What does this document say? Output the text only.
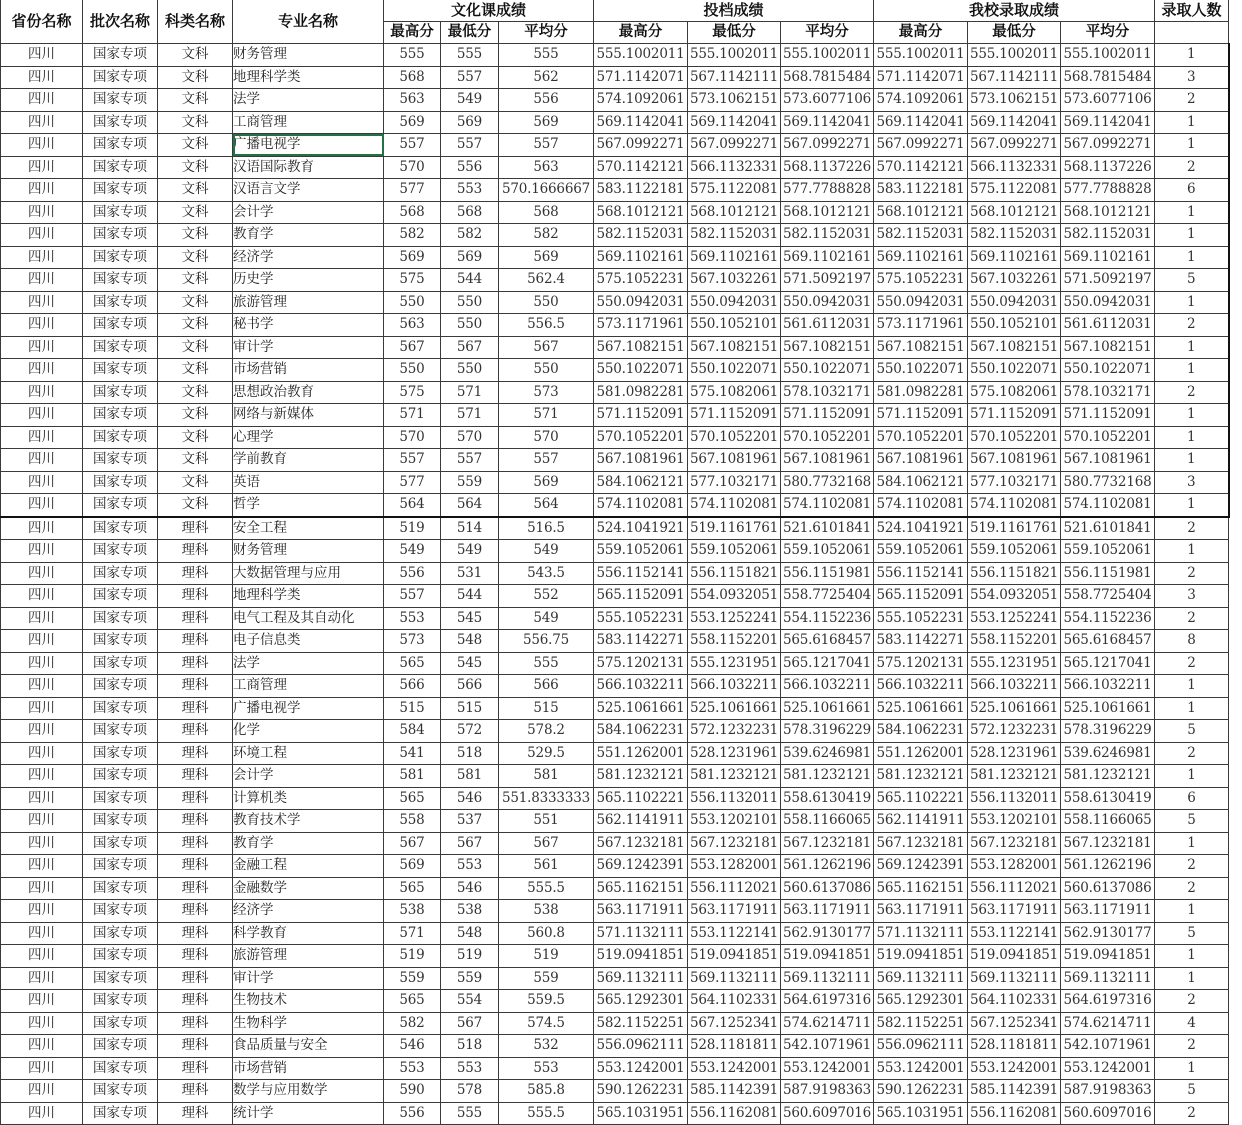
省份名称	批次名称	科类名称	专业名称	文化课成绩			投档成绩			我校录取成绩			录取人数
				最高分	最低分	平均分	最高分	最低分	平均分	最高分	最低分	平均分	
四川	国家专项	文科	财务管理	555	555	555	555.1002011	555.1002011	555.1002011	555.1002011	555.1002011	555.1002011	1
四川	国家专项	文科	地理科学类	568	557	562	571.1142071	567.1142111	568.7815484	571.1142071	567.1142111	568.7815484	3
四川	国家专项	文科	法学	563	549	556	574.1092061	573.1062151	573.6077106	574.1092061	573.1062151	573.6077106	2
四川	国家专项	文科	工商管理	569	569	569	569.1142041	569.1142041	569.1142041	569.1142041	569.1142041	569.1142041	1
四川	国家专项	文科	广播电视学	557	557	557	567.0992271	567.0992271	567.0992271	567.0992271	567.0992271	567.0992271	1
四川	国家专项	文科	汉语国际教育	570	556	563	570.1142121	566.1132331	568.1137226	570.1142121	566.1132331	568.1137226	2
四川	国家专项	文科	汉语言文学	577	553	570.1666667	583.1122181	575.1122081	577.7788828	583.1122181	575.1122081	577.7788828	6
四川	国家专项	文科	会计学	568	568	568	568.1012121	568.1012121	568.1012121	568.1012121	568.1012121	568.1012121	1
四川	国家专项	文科	教育学	582	582	582	582.1152031	582.1152031	582.1152031	582.1152031	582.1152031	582.1152031	1
四川	国家专项	文科	经济学	569	569	569	569.1102161	569.1102161	569.1102161	569.1102161	569.1102161	569.1102161	1
四川	国家专项	文科	历史学	575	544	562.4	575.1052231	567.1032261	571.5092197	575.1052231	567.1032261	571.5092197	5
四川	国家专项	文科	旅游管理	550	550	550	550.0942031	550.0942031	550.0942031	550.0942031	550.0942031	550.0942031	1
四川	国家专项	文科	秘书学	563	550	556.5	573.1171961	550.1052101	561.6112031	573.1171961	550.1052101	561.6112031	2
四川	国家专项	文科	审计学	567	567	567	567.1082151	567.1082151	567.1082151	567.1082151	567.1082151	567.1082151	1
四川	国家专项	文科	市场营销	550	550	550	550.1022071	550.1022071	550.1022071	550.1022071	550.1022071	550.1022071	1
四川	国家专项	文科	思想政治教育	575	571	573	581.0982281	575.1082061	578.1032171	581.0982281	575.1082061	578.1032171	2
四川	国家专项	文科	网络与新媒体	571	571	571	571.1152091	571.1152091	571.1152091	571.1152091	571.1152091	571.1152091	1
四川	国家专项	文科	心理学	570	570	570	570.1052201	570.1052201	570.1052201	570.1052201	570.1052201	570.1052201	1
四川	国家专项	文科	学前教育	557	557	557	567.1081961	567.1081961	567.1081961	567.1081961	567.1081961	567.1081961	1
四川	国家专项	文科	英语	577	559	569	584.1062121	577.1032171	580.7732168	584.1062121	577.1032171	580.7732168	3
四川	国家专项	文科	哲学	564	564	564	574.1102081	574.1102081	574.1102081	574.1102081	574.1102081	574.1102081	1
四川	国家专项	理科	安全工程	519	514	516.5	524.1041921	519.1161761	521.6101841	524.1041921	519.1161761	521.6101841	2
四川	国家专项	理科	财务管理	549	549	549	559.1052061	559.1052061	559.1052061	559.1052061	559.1052061	559.1052061	1
四川	国家专项	理科	大数据管理与应用	556	531	543.5	556.1152141	556.1151821	556.1151981	556.1152141	556.1151821	556.1151981	2
四川	国家专项	理科	地理科学类	557	544	552	565.1152091	554.0932051	558.7725404	565.1152091	554.0932051	558.7725404	3
四川	国家专项	理科	电气工程及其自动化	553	545	549	555.1052231	553.1252241	554.1152236	555.1052231	553.1252241	554.1152236	2
四川	国家专项	理科	电子信息类	573	548	556.75	583.1142271	558.1152201	565.6168457	583.1142271	558.1152201	565.6168457	8
四川	国家专项	理科	法学	565	545	555	575.1202131	555.1231951	565.1217041	575.1202131	555.1231951	565.1217041	2
四川	国家专项	理科	工商管理	566	566	566	566.1032211	566.1032211	566.1032211	566.1032211	566.1032211	566.1032211	1
四川	国家专项	理科	广播电视学	515	515	515	525.1061661	525.1061661	525.1061661	525.1061661	525.1061661	525.1061661	1
四川	国家专项	理科	化学	584	572	578.2	584.1062231	572.1232231	578.3196229	584.1062231	572.1232231	578.3196229	5
四川	国家专项	理科	环境工程	541	518	529.5	551.1262001	528.1231961	539.6246981	551.1262001	528.1231961	539.6246981	2
四川	国家专项	理科	会计学	581	581	581	581.1232121	581.1232121	581.1232121	581.1232121	581.1232121	581.1232121	1
四川	国家专项	理科	计算机类	565	546	551.8333333	565.1102221	556.1132011	558.6130419	565.1102221	556.1132011	558.6130419	6
四川	国家专项	理科	教育技术学	558	537	551	562.1141911	553.1202101	558.1166065	562.1141911	553.1202101	558.1166065	5
四川	国家专项	理科	教育学	567	567	567	567.1232181	567.1232181	567.1232181	567.1232181	567.1232181	567.1232181	1
四川	国家专项	理科	金融工程	569	553	561	569.1242391	553.1282001	561.1262196	569.1242391	553.1282001	561.1262196	2
四川	国家专项	理科	金融数学	565	546	555.5	565.1162151	556.1112021	560.6137086	565.1162151	556.1112021	560.6137086	2
四川	国家专项	理科	经济学	538	538	538	563.1171911	563.1171911	563.1171911	563.1171911	563.1171911	563.1171911	1
四川	国家专项	理科	科学教育	571	548	560.8	571.1132111	553.1122141	562.9130177	571.1132111	553.1122141	562.9130177	5
四川	国家专项	理科	旅游管理	519	519	519	519.0941851	519.0941851	519.0941851	519.0941851	519.0941851	519.0941851	1
四川	国家专项	理科	审计学	559	559	559	569.1132111	569.1132111	569.1132111	569.1132111	569.1132111	569.1132111	1
四川	国家专项	理科	生物技术	565	554	559.5	565.1292301	564.1102331	564.6197316	565.1292301	564.1102331	564.6197316	2
四川	国家专项	理科	生物科学	582	567	574.5	582.1152251	567.1252341	574.6214711	582.1152251	567.1252341	574.6214711	4
四川	国家专项	理科	食品质量与安全	546	518	532	556.0962111	528.1181811	542.1071961	556.0962111	528.1181811	542.1071961	2
四川	国家专项	理科	市场营销	553	553	553	553.1242001	553.1242001	553.1242001	553.1242001	553.1242001	553.1242001	1
四川	国家专项	理科	数学与应用数学	590	578	585.8	590.1262231	585.1142391	587.9198363	590.1262231	585.1142391	587.9198363	5
四川	国家专项	理科	统计学	556	555	555.5	565.1031951	556.1162081	560.6097016	565.1031951	556.1162081	560.6097016	2
